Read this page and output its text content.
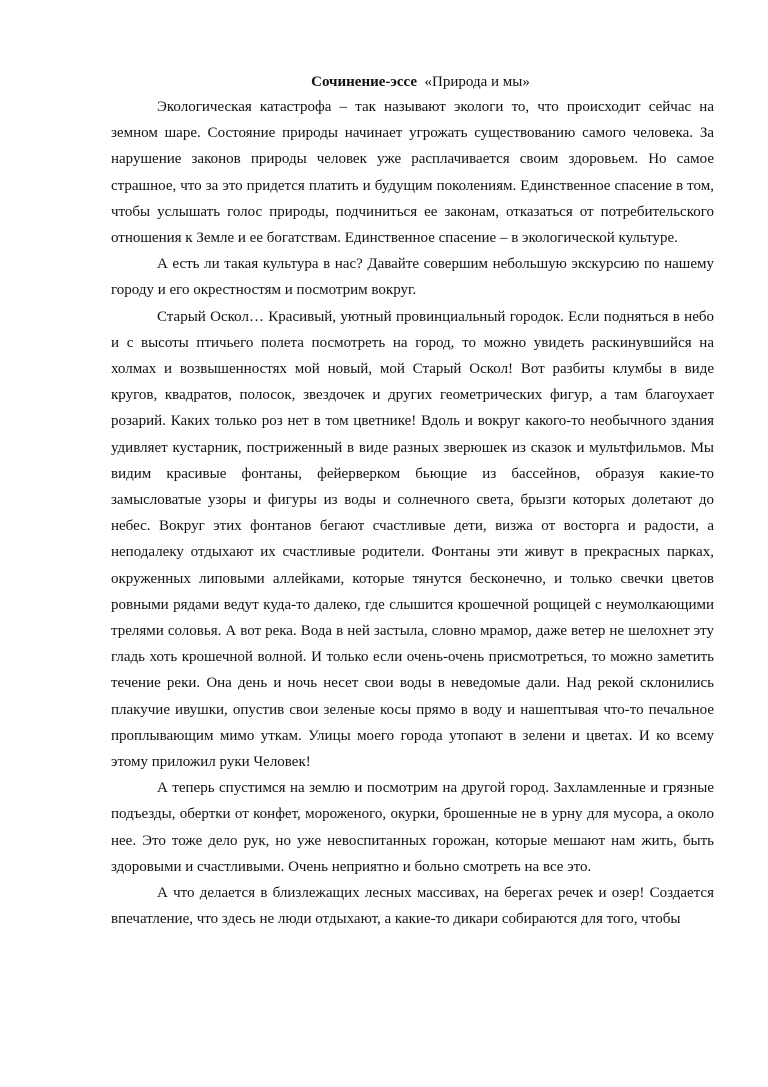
Сочинение-эссе  «Природа и мы»

Экологическая катастрофа – так называют экологи то, что происходит сейчас на земном шаре. Состояние природы начинает угрожать существованию самого человека. За нарушение законов природы человек уже расплачивается своим здоровьем. Но самое страшное, что за это придется платить и будущим поколениям. Единственное спасение в том, чтобы услышать голос природы, подчиниться ее законам, отказаться от потребительского отношения к Земле и ее богатствам. Единственное спасение – в экологической культуре.

А есть ли такая культура в нас? Давайте совершим небольшую экскурсию по нашему городу и его окрестностям и посмотрим вокруг.

Старый Оскол… Красивый, уютный провинциальный городок. Если подняться в небо и с высоты птичьего полета посмотреть на город, то можно увидеть раскинувшийся на холмах и возвышенностях мой новый, мой Старый Оскол! Вот разбиты клумбы в виде кругов, квадратов, полосок, звездочек и других геометрических фигур, а там благоухает розарий. Каких только роз нет в том цветнике! Вдоль и вокруг какого-то необычного здания удивляет кустарник, постриженный в виде разных зверюшек из сказок и мультфильмов. Мы видим красивые фонтаны, фейерверком бьющие из бассейнов, образуя какие-то замысловатые узоры и фигуры из воды и солнечного света, брызги которых долетают до небес. Вокруг этих фонтанов бегают счастливые дети, визжа от восторга и радости, а неподалеку отдыхают их счастливые родители. Фонтаны эти живут в прекрасных парках, окруженных липовыми аллейками, которые тянутся бесконечно, и только свечки цветов ровными рядами ведут куда-то далеко, где слышится крошечной рощицей с неумолкающими трелями соловья. А вот река. Вода в ней застыла, словно мрамор, даже ветер не шелохнет эту гладь хоть крошечной волной. И только если очень-очень присмотреться, то можно заметить течение реки. Она день и ночь несет свои воды в неведомые дали. Над рекой склонились плакучие ивушки, опустив свои зеленые косы прямо в воду и нашептывая что-то печальное проплывающим мимо уткам. Улицы моего города утопают в зелени и цветах. И ко всему этому приложил руки Человек!

А теперь спустимся на землю и посмотрим на другой город. Захламленные и грязные подъезды, обертки от конфет, мороженого, окурки, брошенные не в урну для мусора, а около нее. Это тоже дело рук, но уже невоспитанных горожан, которые мешают нам жить, быть здоровыми и счастливыми. Очень неприятно и больно смотреть на все это.

А что делается в близлежащих лесных массивах, на берегах речек и озер! Создается впечатление, что здесь не люди отдыхают, а какие-то дикари собираются для того, чтобы
